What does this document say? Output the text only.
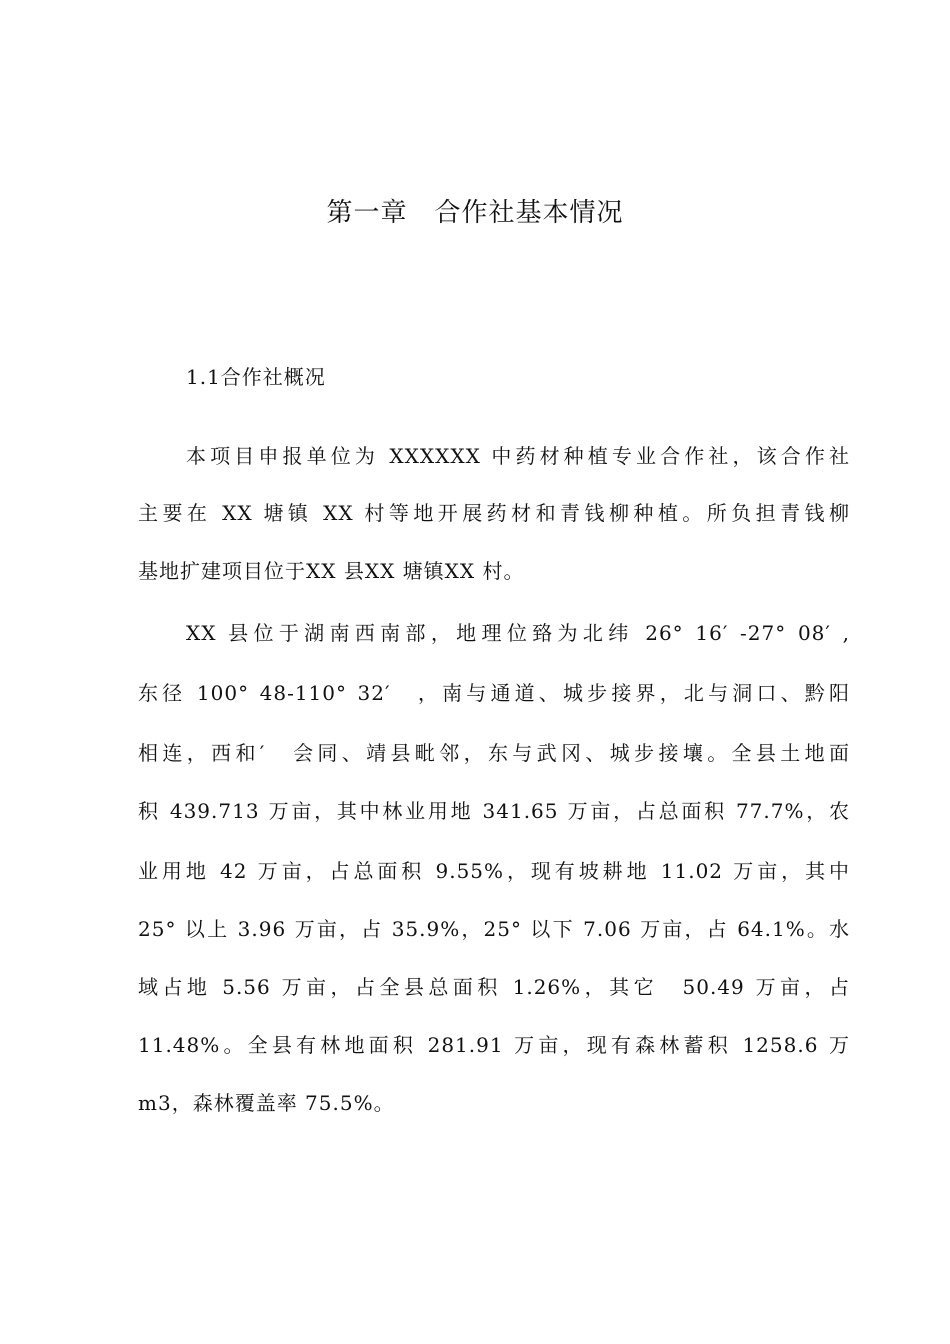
第一章　合作社基本情况
1.1合作社概况
本项目申报单位为 XXXXXX 中药材种植专业合作社，该合作社
主要在 XX 塘镇 XX 村等地开展药材和青钱柳种植。所负担青钱柳
基地扩建项目位于XX 县XX 塘镇XX 村。
XX 县位于湖南西南部，地理位臵为北纬 26° 16′ -27° 08′ ,
东径 100° 48-110° 32′　，南与通道、城步接界，北与洞口、黔阳
相连，西和′　会同、靖县毗邻，东与武冈、城步接壤。全县土地面
积 439.713 万亩，其中林业用地 341.65 万亩，占总面积 77.7%，农
业用地 42 万亩，占总面积 9.55%，现有坡耕地 11.02 万亩，其中
25° 以上 3.96 万亩，占 35.9%，25° 以下 7.06 万亩，占 64.1%。水
域占地 5.56 万亩，占全县总面积 1.26%，其它　50.49 万亩，占
11.48%。全县有林地面积 281.91 万亩，现有森林蓄积 1258.6 万
m3，森林覆盖率 75.5%。
